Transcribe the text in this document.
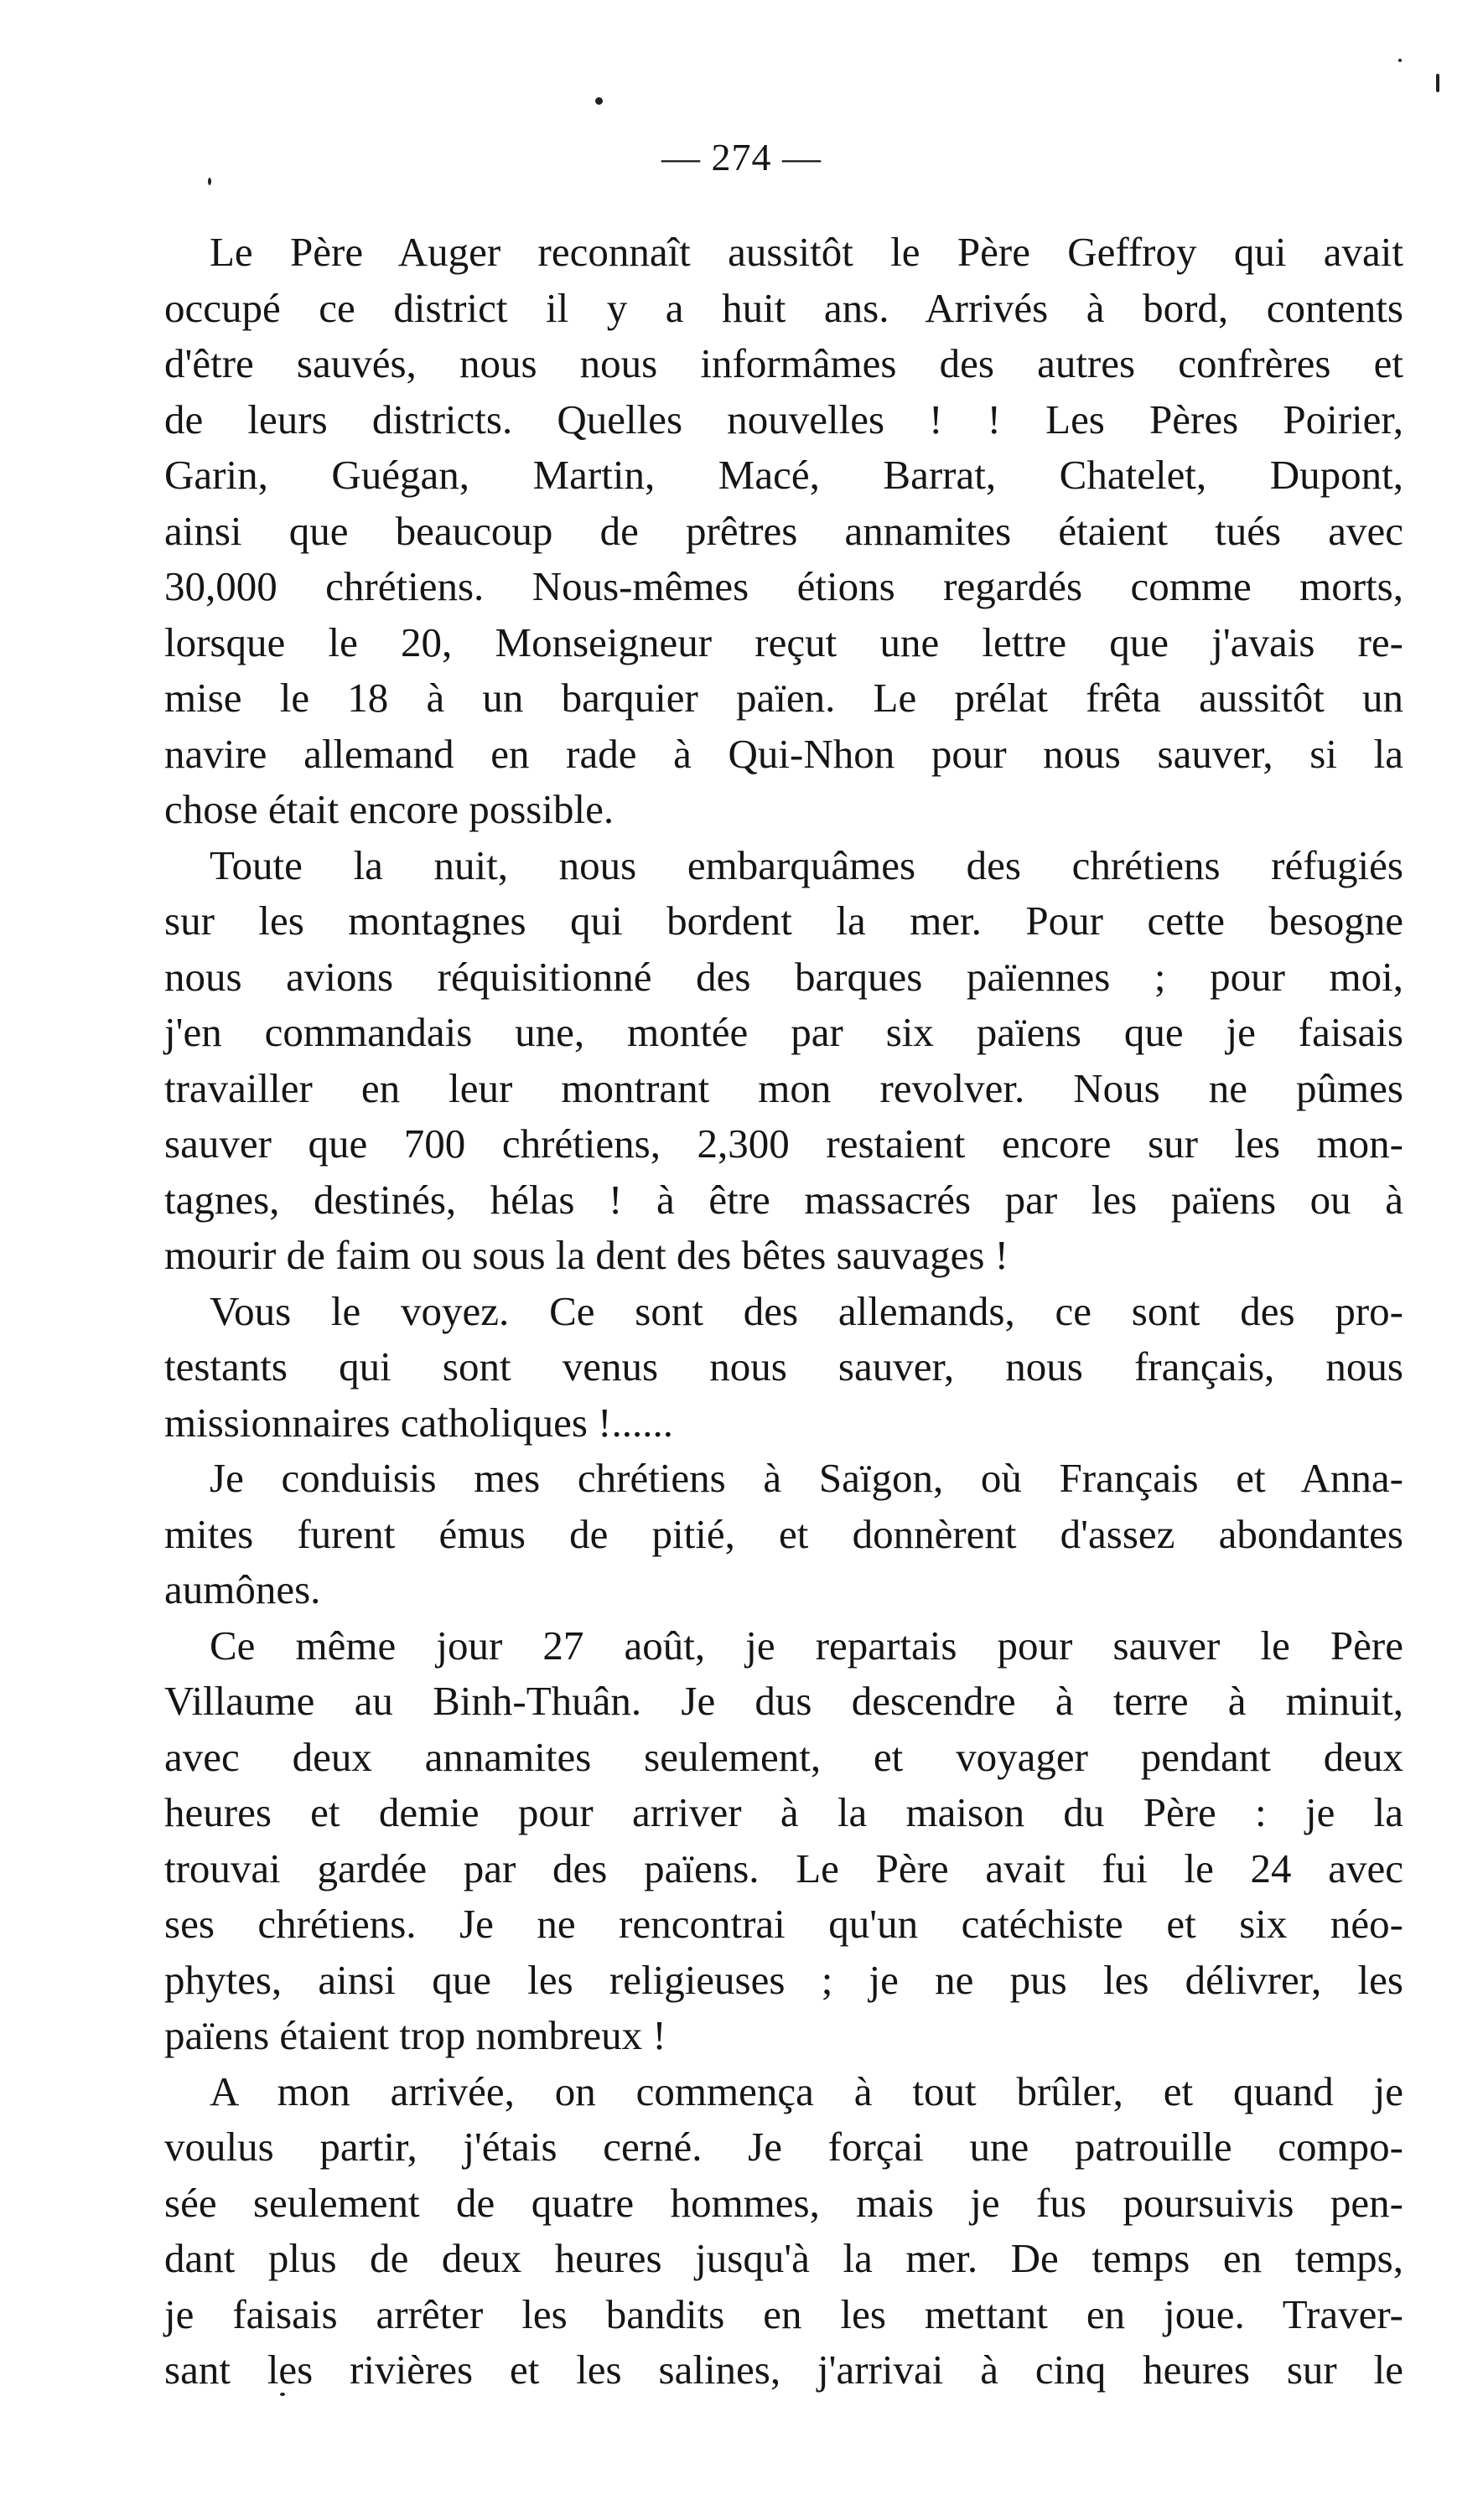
— 274 —

Le Père Auger reconnaît aussitôt le Père Geffroy qui avait
occupé ce district il y a huit ans. Arrivés à bord, contents
d'être sauvés, nous nous informâmes des autres confrères et
de leurs districts. Quelles nouvelles ! ! Les Pères Poirier,
Garin, Guégan, Martin, Macé, Barrat, Chatelet, Dupont,
ainsi que beaucoup de prêtres annamites étaient tués avec
30,000 chrétiens. Nous-mêmes étions regardés comme morts,
lorsque le 20, Monseigneur reçut une lettre que j'avais re-
mise le 18 à un barquier païen. Le prélat frêta aussitôt un
navire allemand en rade à Qui-Nhon pour nous sauver, si la
chose était encore possible.

Toute la nuit, nous embarquâmes des chrétiens réfugiés
sur les montagnes qui bordent la mer. Pour cette besogne
nous avions réquisitionné des barques païennes ; pour moi,
j'en commandais une, montée par six païens que je faisais
travailler en leur montrant mon revolver. Nous ne pûmes
sauver que 700 chrétiens, 2,300 restaient encore sur les mon-
tagnes, destinés, hélas ! à être massacrés par les païens ou à
mourir de faim ou sous la dent des bêtes sauvages !

Vous le voyez. Ce sont des allemands, ce sont des pro-
testants qui sont venus nous sauver, nous français, nous
missionnaires catholiques !......

Je conduisis mes chrétiens à Saïgon, où Français et Anna-
mites furent émus de pitié, et donnèrent d'assez abondantes
aumônes.

Ce même jour 27 août, je repartais pour sauver le Père
Villaume au Binh-Thuân. Je dus descendre à terre à minuit,
avec deux annamites seulement, et voyager pendant deux
heures et demie pour arriver à la maison du Père : je la
trouvai gardée par des païens. Le Père avait fui le 24 avec
ses chrétiens. Je ne rencontrai qu'un catéchiste et six néo-
phytes, ainsi que les religieuses ; je ne pus les délivrer, les
païens étaient trop nombreux !

A mon arrivée, on commença à tout brûler, et quand je
voulus partir, j'étais cerné. Je forçai une patrouille compo-
sée seulement de quatre hommes, mais je fus poursuivis pen-
dant plus de deux heures jusqu'à la mer. De temps en temps,
je faisais arrêter les bandits en les mettant en joue. Traver-
sant les rivières et les salines, j'arrivai à cinq heures sur le
